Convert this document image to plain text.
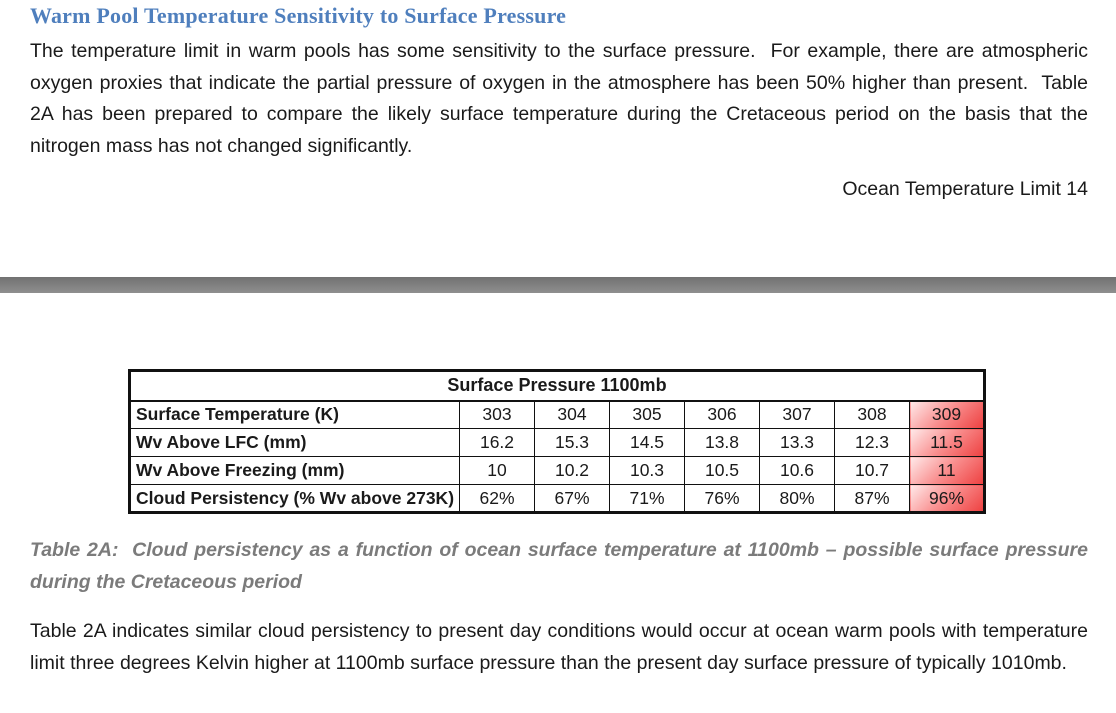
Warm Pool Temperature Sensitivity to Surface Pressure

The temperature limit in warm pools has some sensitivity to the surface pressure.  For example, there are atmospheric oxygen proxies that indicate the partial pressure of oxygen in the atmosphere has been 50% higher than present.  Table 2A has been prepared to compare the likely surface temperature during the Cretaceous period on the basis that the nitrogen mass has not changed significantly.

Ocean Temperature Limit 14
Surface Pressure 1100mb							
Surface Temperature (K)	303	304	305	306	307	308	309
Wv Above LFC (mm)	16.2	15.3	14.5	13.8	13.3	12.3	11.5
Wv Above Freezing (mm)	10	10.2	10.3	10.5	10.6	10.7	11
Cloud Persistency (% Wv above 273K)	62%	67%	71%	76%	80%	87%	96%

Table 2A:  Cloud persistency as a function of ocean surface temperature at 1100mb – possible surface pressure during the Cretaceous period

Table 2A indicates similar cloud persistency to present day conditions would occur at ocean warm pools with temperature limit three degrees Kelvin higher at 1100mb surface pressure than the present day surface pressure of typically 1010mb.
